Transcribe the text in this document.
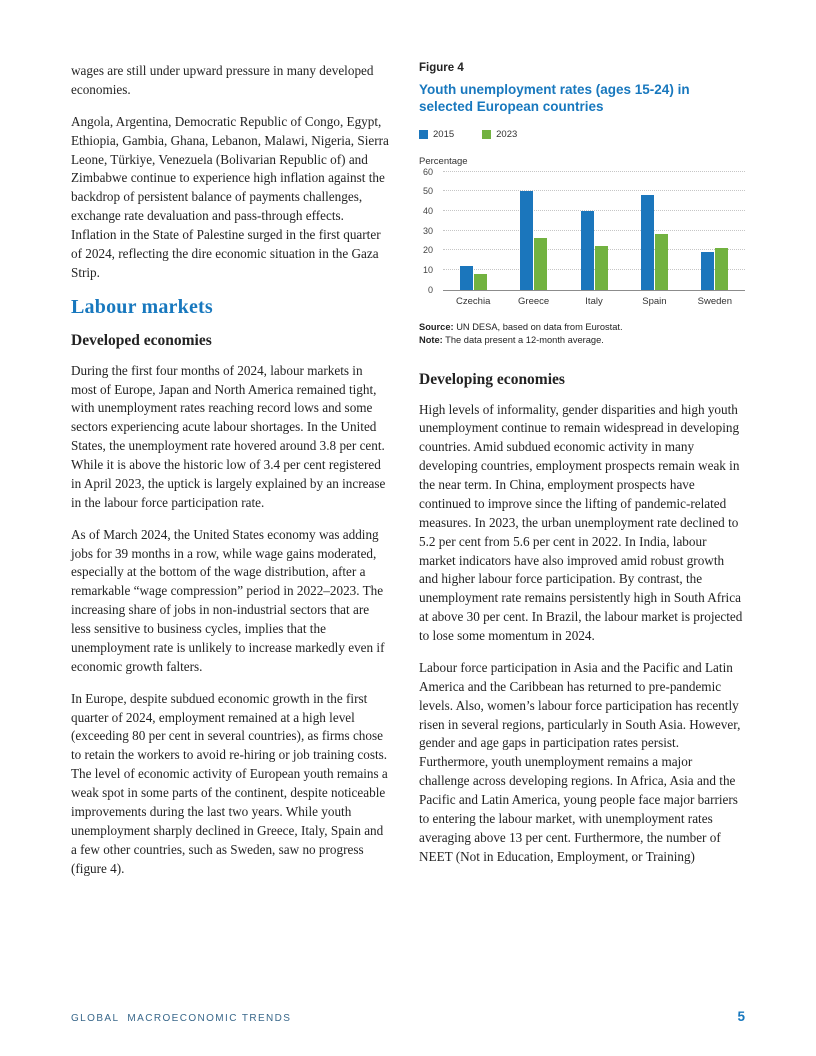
wages are still under upward pressure in many developed economies.

Angola, Argentina, Democratic Republic of Congo, Egypt, Ethiopia, Gambia, Ghana, Lebanon, Malawi, Nigeria, Sierra Leone, Türkiye, Venezuela (Bolivarian Republic of) and Zimbabwe continue to experience high inflation against the backdrop of persistent balance of payments challenges, exchange rate devaluation and pass-through effects. Inflation in the State of Palestine surged in the first quarter of 2024, reflecting the dire economic situation in the Gaza Strip.

Labour markets
Developed economies

During the first four months of 2024, labour markets in most of Europe, Japan and North America remained tight, with unemployment rates reaching record lows and some sectors experiencing acute labour shortages. In the United States, the unemployment rate hovered around 3.8 per cent. While it is above the historic low of 3.4 per cent registered in April 2023, the uptick is largely explained by an increase in the labour force participation rate.

As of March 2024, the United States economy was adding jobs for 39 months in a row, while wage gains moderated, especially at the bottom of the wage distribution, after a remarkable “wage compression” period in 2022–2023. The increasing share of jobs in non-industrial sectors that are less sensitive to business cycles, implies that the unemployment rate is unlikely to increase markedly even if economic growth falters.

In Europe, despite subdued economic growth in the first quarter of 2024, employment remained at a high level (exceeding 80 per cent in several countries), as firms chose to retain the workers to avoid re-hiring or job training costs. The level of economic activity of European youth remains a weak spot in some parts of the continent, despite noticeable improvements during the last two years. While youth unemployment sharply declined in Greece, Italy, Spain and a few other countries, such as Sweden, saw no progress (figure 4).

Figure 4
Youth unemployment rates (ages 15-24) in selected European countries
2015	2023
Percentage
0
10
20
30
40
50
60
Czechia	Greece	Italy	Spain	Sweden
Source: UN DESA, based on data from Eurostat.
Note: The data present a 12-month average.
Developing economies

High levels of informality, gender disparities and high youth unemployment continue to remain widespread in developing countries. Amid subdued economic activity in many developing countries, employment prospects remain weak in the near term. In China, employment prospects have continued to improve since the lifting of pandemic-related measures. In 2023, the urban unemployment rate declined to 5.2 per cent from 5.6 per cent in 2022. In India, labour market indicators have also improved amid robust growth and higher labour force participation. By contrast, the unemployment rate remains persistently high in South Africa at above 30 per cent. In Brazil, the labour market is projected to lose some momentum in 2024.

Labour force participation in Asia and the Pacific and Latin America and the Caribbean has returned to pre-pandemic levels. Also, women’s labour force participation has recently risen in several regions, particularly in South Asia. However, gender and age gaps in participation rates persist. Furthermore, youth unemployment remains a major challenge across developing regions. In Africa, Asia and the Pacific and Latin America, young people face major barriers to entering the labour market, with unemployment rates averaging above 13 per cent. Furthermore, the number of NEET (Not in Education, Employment, or Training)

GLOBAL  MACROECONOMIC TRENDS	5
